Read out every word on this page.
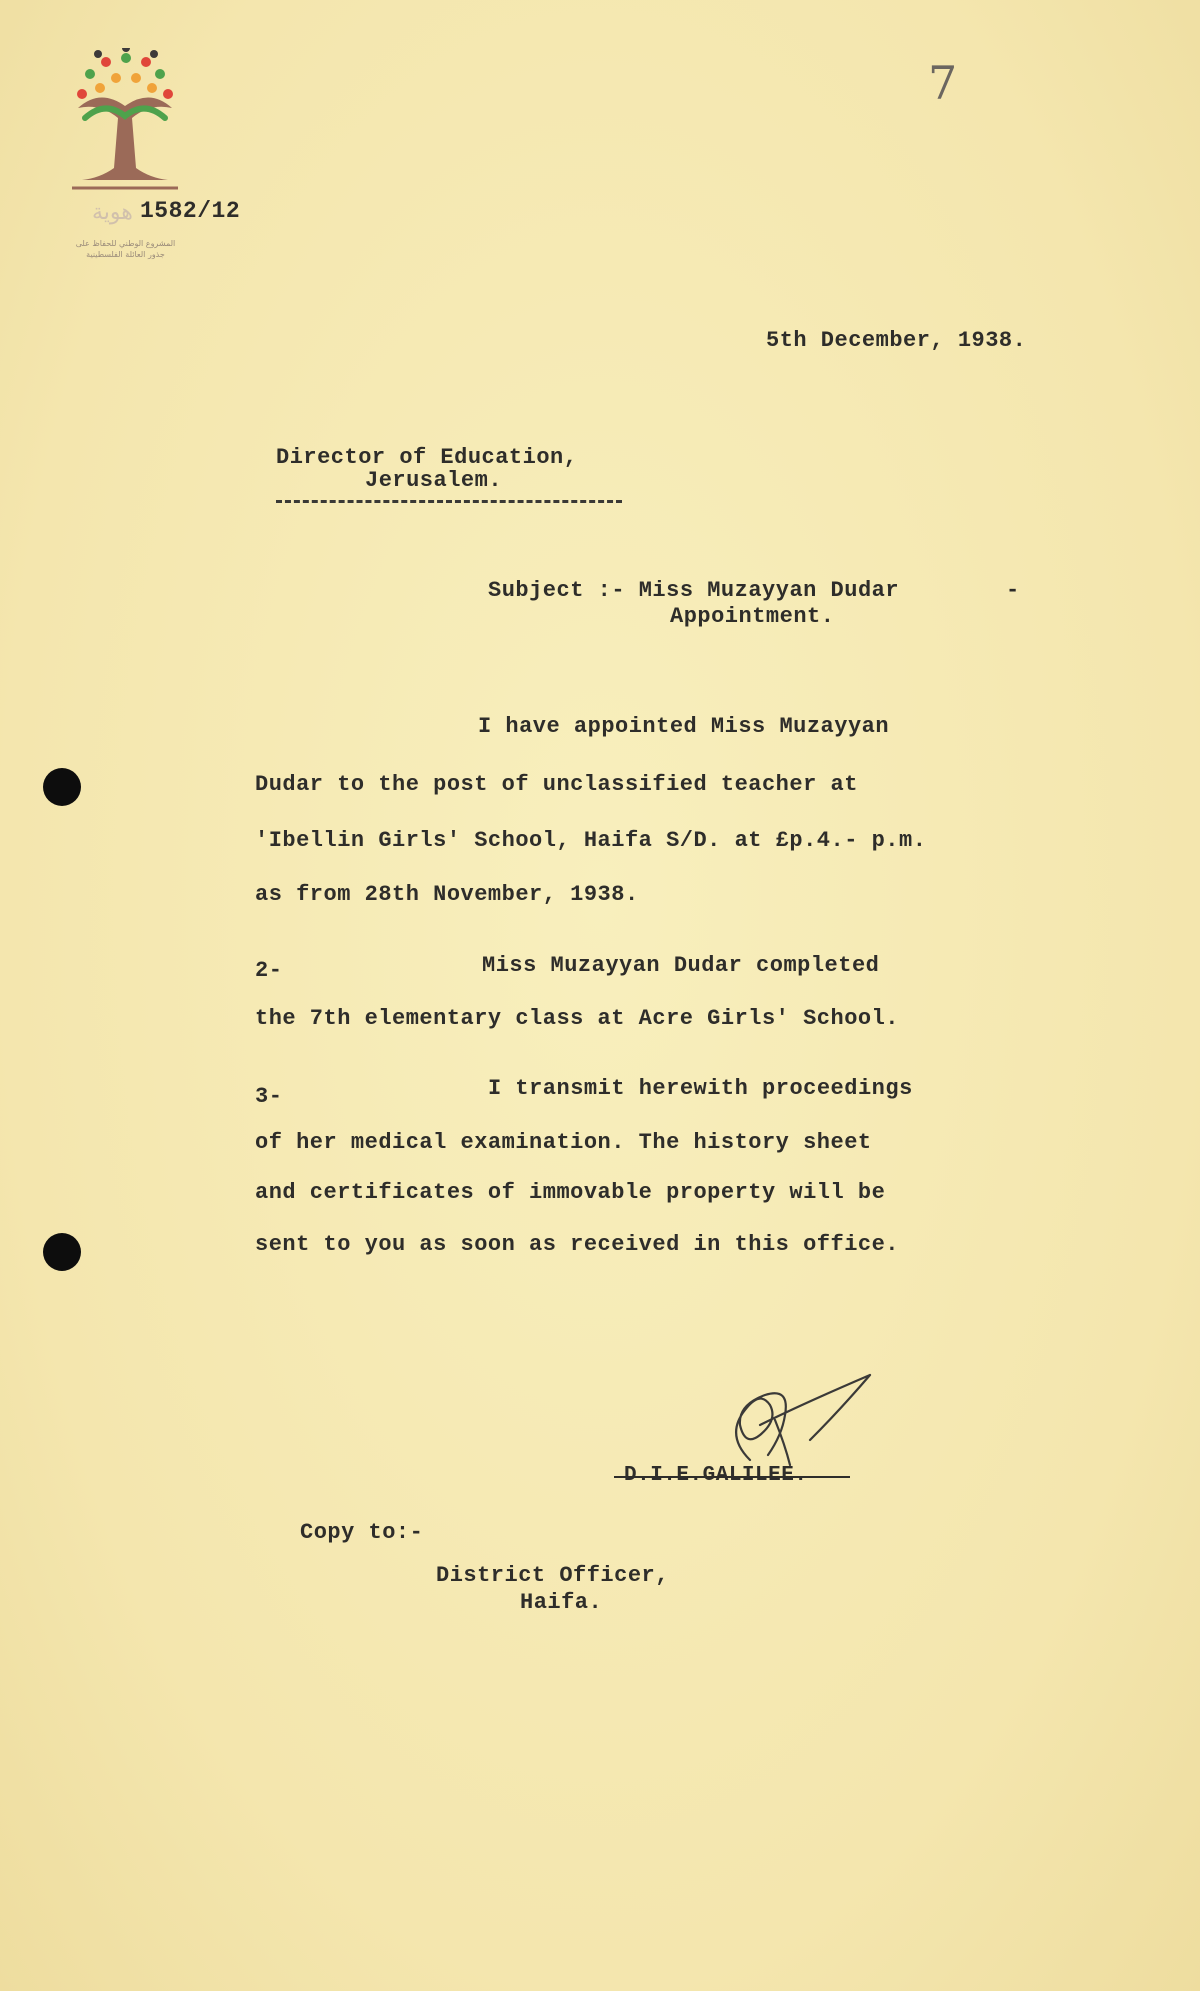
هوية
المشروع الوطني للحفاظ على
جذور العائلة الفلسطينية
1582/12
7
5th December, 1938.
Director of Education,
Jerusalem.
Subject :- Miss Muzayyan Dudar	-
Appointment.
I have appointed Miss Muzayyan
Dudar to the post of unclassified teacher at
'Ibellin Girls' School, Haifa S/D. at £p.4.- p.m.
as from 28th November, 1938.
2-	Miss Muzayyan Dudar completed
the 7th elementary class at Acre Girls' School.
3-	I transmit herewith proceedings
of her medical examination. The history sheet
and certificates of immovable property will be
sent to you as soon as received in this office.
D.I.E.GALILEE.
Copy to:-
District Officer,
Haifa.
